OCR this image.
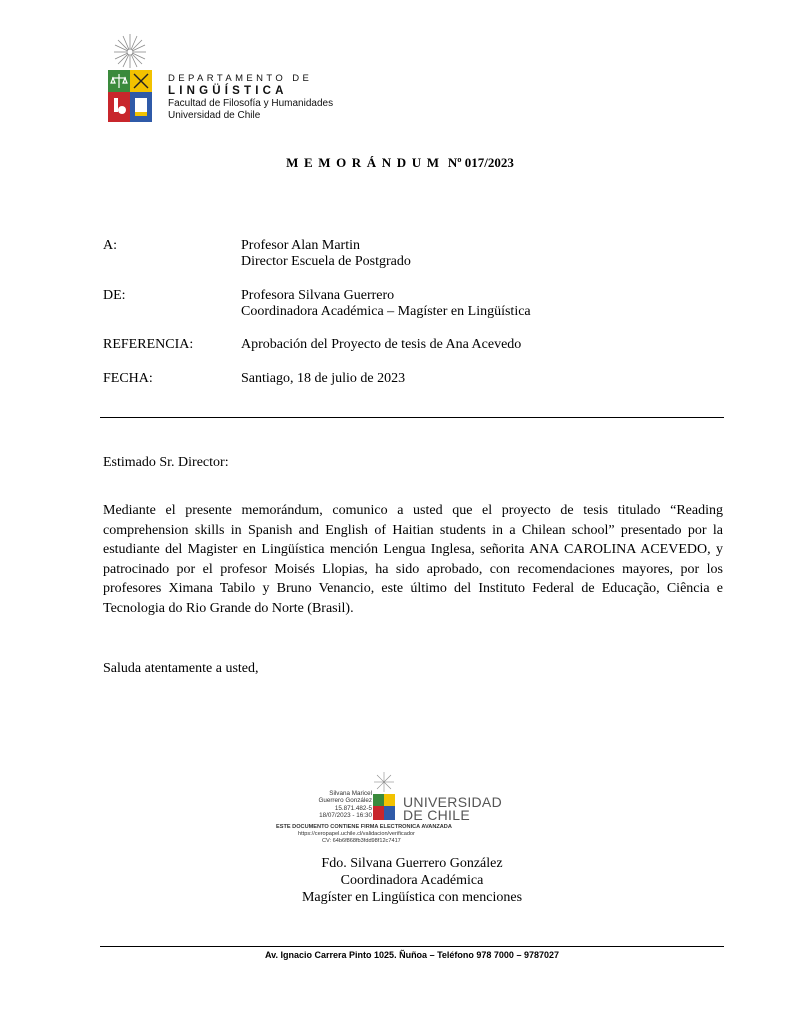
DEPARTAMENTO DE
LINGÜÍSTICA
Facultad de Filosofía y Humanidades
Universidad de Chile
MEMORÁNDUM Nº 017/2023
A:	Profesor Alan Martin
Director Escuela de Postgrado
DE:	Profesora Silvana Guerrero
Coordinadora Académica – Magíster en Lingüística
REFERENCIA:	Aprobación del Proyecto de tesis de Ana Acevedo
FECHA:	Santiago, 18 de julio de 2023
Estimado Sr. Director:
Mediante el presente memorándum, comunico a usted que el proyecto de tesis titulado “Reading comprehension skills in Spanish and English of Haitian students in a Chilean school” presentado por la estudiante del Magister en Lingüística mención Lengua Inglesa, señorita ANA CAROLINA ACEVEDO, y patrocinado por el profesor Moisés Llopias, ha sido aprobado, con recomendaciones mayores, por los profesores Ximana Tabilo y Bruno Venancio, este último del Instituto Federal de Educação, Ciência e Tecnologia do Rio Grande do Norte (Brasil).
Saluda atentamente a usted,
Silvana Maricel
Guerrero González
15.871.482-5
18/07/2023 - 16:30
ESTE DOCUMENTO CONTIENE FIRMA ELECTRONICA AVANZADA
https://ceropapel.uchile.cl/validacion/verificador
CV: 64b6f868fb3fdd98f12c7417
UNIVERSIDAD
DE CHILE
Fdo. Silvana Guerrero González
Coordinadora Académica
Magíster en Lingüística con menciones
Av. Ignacio Carrera Pinto 1025. Ñuñoa – Teléfono 978 7000 – 9787027
